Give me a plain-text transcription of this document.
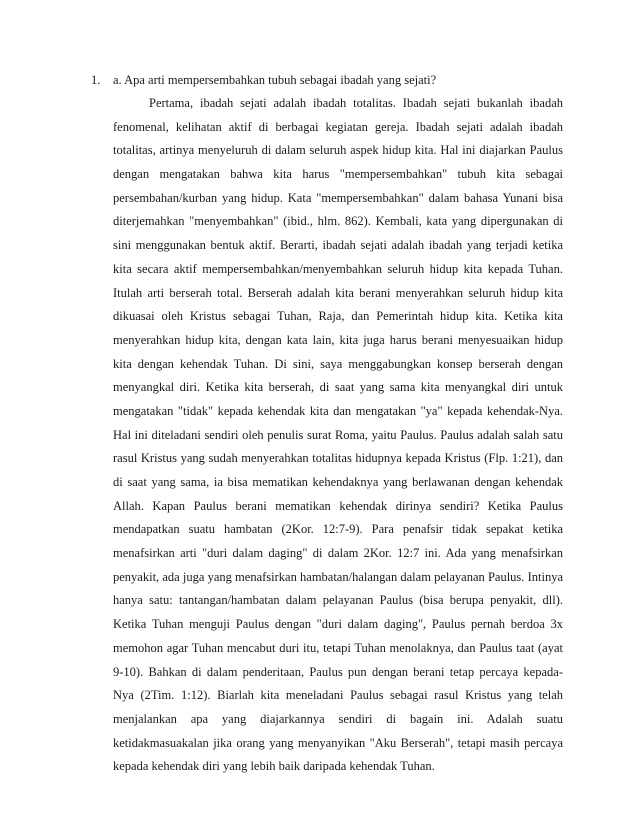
1. a. Apa arti mempersembahkan tubuh sebagai ibadah yang sejati?
Pertama, ibadah sejati adalah ibadah totalitas. Ibadah sejati bukanlah ibadah
fenomenal, kelihatan aktif di berbagai kegiatan gereja. Ibadah sejati adalah ibadah
totalitas, artinya menyeluruh di dalam seluruh aspek hidup kita. Hal ini diajarkan Paulus
dengan mengatakan bahwa kita harus "mempersembahkan" tubuh kita sebagai
persembahan/kurban yang hidup. Kata "mempersembahkan" dalam bahasa Yunani bisa
diterjemahkan "menyembahkan" (ibid., hlm. 862). Kembali, kata yang dipergunakan di
sini menggunakan bentuk aktif. Berarti, ibadah sejati adalah ibadah yang terjadi ketika
kita secara aktif mempersembahkan/menyembahkan seluruh hidup kita kepada Tuhan.
Itulah arti berserah total. Berserah adalah kita berani menyerahkan seluruh hidup kita
dikuasai oleh Kristus sebagai Tuhan, Raja, dan Pemerintah hidup kita. Ketika kita
menyerahkan hidup kita, dengan kata lain, kita juga harus berani menyesuaikan hidup
kita dengan kehendak Tuhan. Di sini, saya menggabungkan konsep berserah dengan
menyangkal diri. Ketika kita berserah, di saat yang sama kita menyangkal diri untuk
mengatakan "tidak" kepada kehendak kita dan mengatakan "ya" kepada kehendak-Nya.
Hal ini diteladani sendiri oleh penulis surat Roma, yaitu Paulus. Paulus adalah salah satu
rasul Kristus yang sudah menyerahkan totalitas hidupnya kepada Kristus (Flp. 1:21), dan
di saat yang sama, ia bisa mematikan kehendaknya yang berlawanan dengan kehendak
Allah. Kapan Paulus berani mematikan kehendak dirinya sendiri? Ketika Paulus
mendapatkan suatu hambatan (2Kor. 12:7-9). Para penafsir tidak sepakat ketika
menafsirkan arti "duri dalam daging" di dalam 2Kor. 12:7 ini. Ada yang menafsirkan
penyakit, ada juga yang menafsirkan hambatan/halangan dalam pelayanan Paulus. Intinya
hanya satu: tantangan/hambatan dalam pelayanan Paulus (bisa berupa penyakit, dll).
Ketika Tuhan menguji Paulus dengan "duri dalam daging", Paulus pernah berdoa 3x
memohon agar Tuhan mencabut duri itu, tetapi Tuhan menolaknya, dan Paulus taat (ayat
9-10). Bahkan di dalam penderitaan, Paulus pun dengan berani tetap percaya kepada-
Nya (2Tim. 1:12). Biarlah kita meneladani Paulus sebagai rasul Kristus yang telah
menjalankan apa yang diajarkannya sendiri di bagain ini. Adalah suatu
ketidakmasuakalan jika orang yang menyanyikan "Aku Berserah", tetapi masih percaya
kepada kehendak diri yang lebih baik daripada kehendak Tuhan.
